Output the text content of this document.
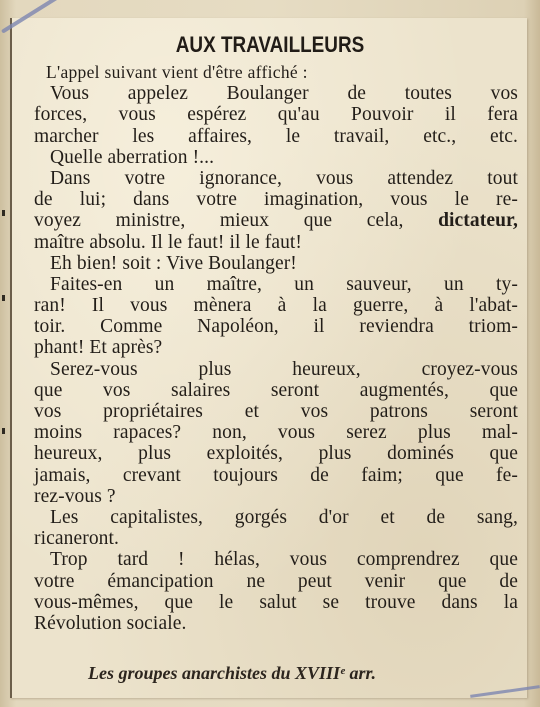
AUX TRAVAILLEURS
L'appel suivant vient d'être affiché :
Vous appelez Boulanger de toutes vos
forces, vous espérez qu'au Pouvoir il fera
marcher les affaires, le travail, etc., etc.
Quelle aberration !...
Dans votre ignorance, vous attendez tout
de lui; dans votre imagination, vous le re-
voyez ministre, mieux que cela, dictateur,
maître absolu. Il le faut! il le faut!
Eh bien! soit : Vive Boulanger!
Faites-en un maître, un sauveur, un ty-
ran! Il vous mènera à la guerre, à l'abat-
toir. Comme Napoléon, il reviendra triom-
phant! Et après?
Serez-vous plus heureux, croyez-vous
que vos salaires seront augmentés, que
vos propriétaires et vos patrons seront
moins rapaces? non, vous serez plus mal-
heureux, plus exploités, plus dominés que
jamais, crevant toujours de faim; que fe-
rez-vous ?
Les capitalistes, gorgés d'or et de sang,
ricaneront.
Trop tard ! hélas, vous comprendrez que
votre émancipation ne peut venir que de
vous-mêmes, que le salut se trouve dans la
Révolution sociale.
Les groupes anarchistes du XVIIIᵉ arr.
